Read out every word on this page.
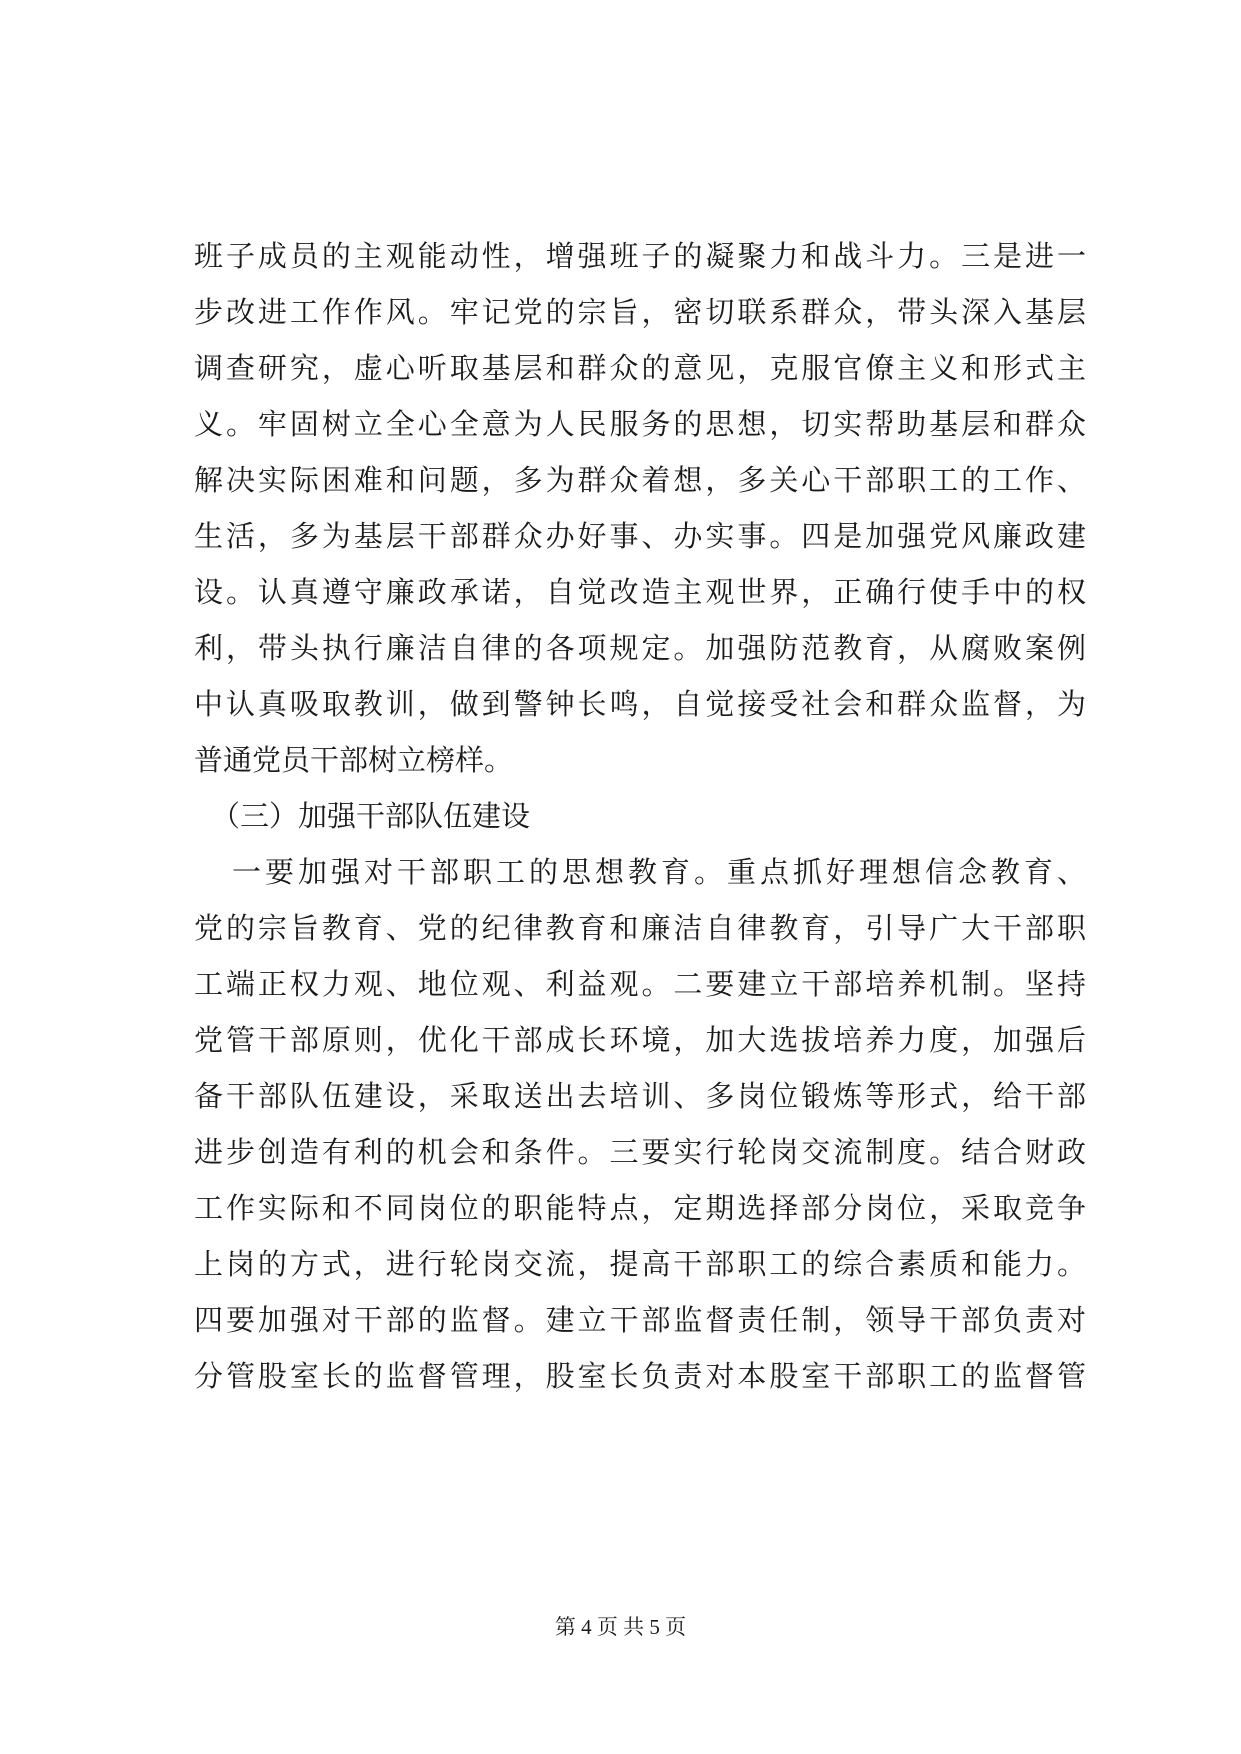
班子成员的主观能动性，增强班子的凝聚力和战斗力。三是进一
步改进工作作风。牢记党的宗旨，密切联系群众，带头深入基层
调查研究，虚心听取基层和群众的意见，克服官僚主义和形式主
义。牢固树立全心全意为人民服务的思想，切实帮助基层和群众
解决实际困难和问题，多为群众着想，多关心干部职工的工作、
生活，多为基层干部群众办好事、办实事。四是加强党风廉政建
设。认真遵守廉政承诺，自觉改造主观世界，正确行使手中的权
利，带头执行廉洁自律的各项规定。加强防范教育，从腐败案例
中认真吸取教训，做到警钟长鸣，自觉接受社会和群众监督，为
普通党员干部树立榜样。
（三）加强干部队伍建设
一要加强对干部职工的思想教育。重点抓好理想信念教育、
党的宗旨教育、党的纪律教育和廉洁自律教育，引导广大干部职
工端正权力观、地位观、利益观。二要建立干部培养机制。坚持
党管干部原则，优化干部成长环境，加大选拔培养力度，加强后
备干部队伍建设，采取送出去培训、多岗位锻炼等形式，给干部
进步创造有利的机会和条件。三要实行轮岗交流制度。结合财政
工作实际和不同岗位的职能特点，定期选择部分岗位，采取竞争
上岗的方式，进行轮岗交流，提高干部职工的综合素质和能力。
四要加强对干部的监督。建立干部监督责任制，领导干部负责对
分管股室长的监督管理，股室长负责对本股室干部职工的监督管
第 4 页 共 5 页
